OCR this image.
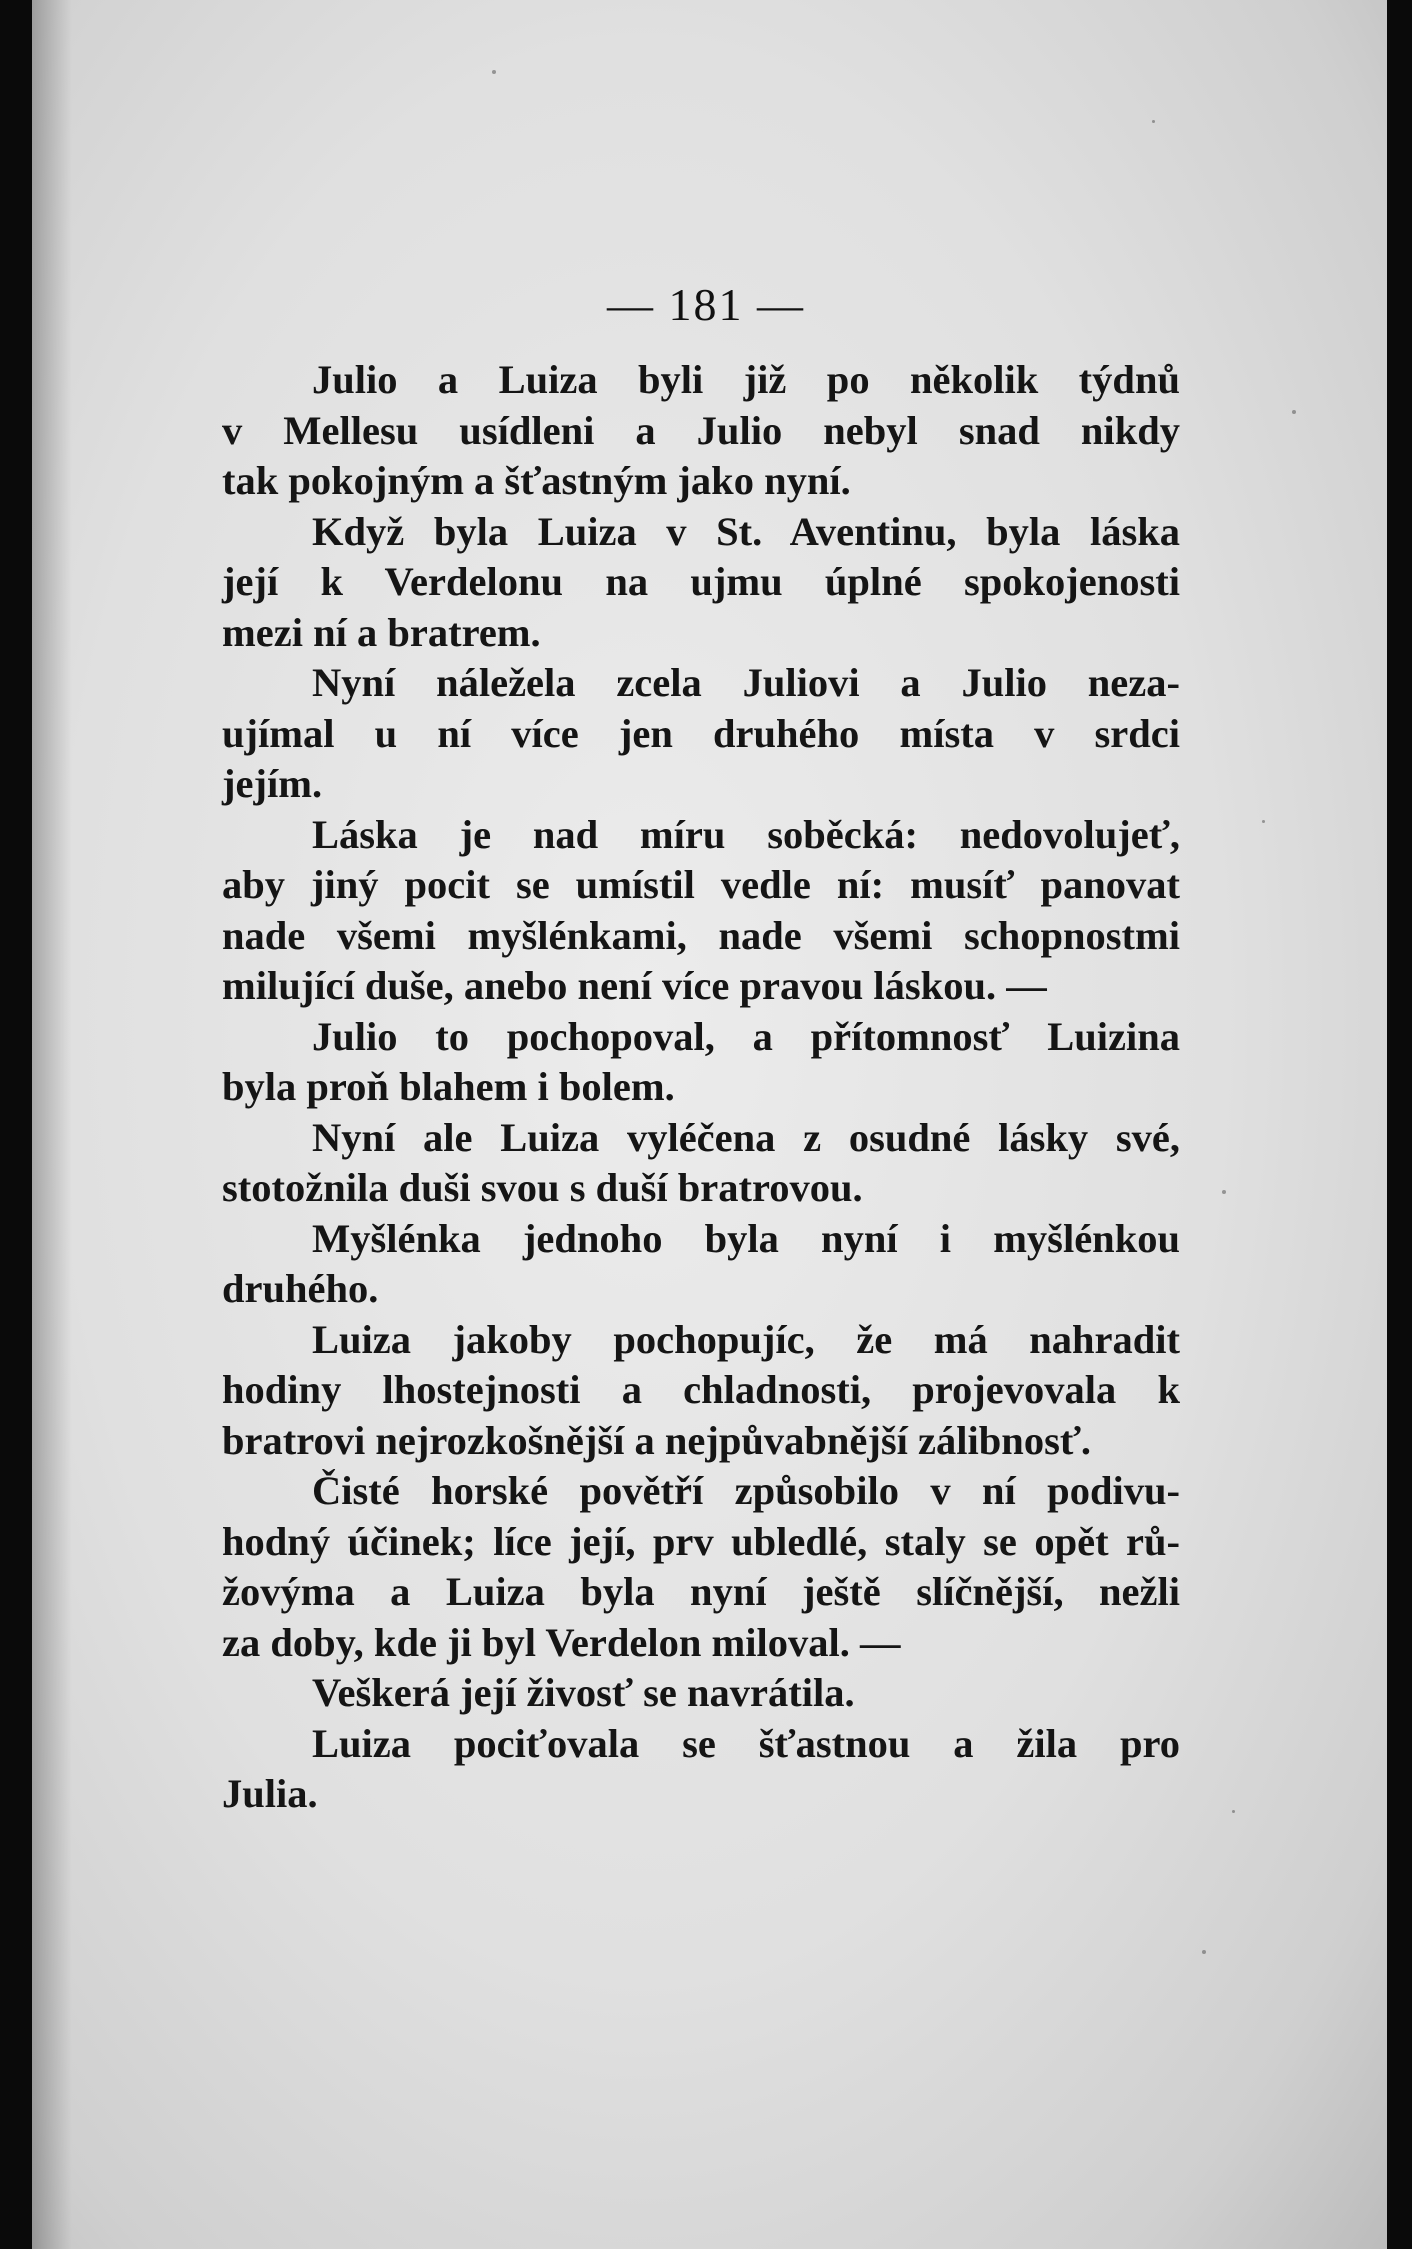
— 181 —
Julio a Luiza byli již po několik týdnů
v Mellesu usídleni a Julio nebyl snad nikdy
tak pokojným a šťastným jako nyní.
Když byla Luiza v St. Aventinu, byla láska
její k Verdelonu na ujmu úplné spokojenosti
mezi ní a bratrem.
Nyní náležela zcela Juliovi a Julio neza-
ujímal u ní více jen druhého místa v srdci
jejím.
Láska je nad míru soběcká: nedovolujeť,
aby jiný pocit se umístil vedle ní: musíť panovat
nade všemi myšlénkami, nade všemi schopnostmi
milující duše, anebo není více pravou láskou. —
Julio to pochopoval, a přítomnosť Luizina
byla proň blahem i bolem.
Nyní ale Luiza vyléčena z osudné lásky své,
stotožnila duši svou s duší bratrovou.
Myšlénka jednoho byla nyní i myšlénkou
druhého.
Luiza jakoby pochopujíc, že má nahradit
hodiny lhostejnosti a chladnosti, projevovala k
bratrovi nejrozkošnější a nejpůvabnější zálibnosť.
Čisté horské povětří způsobilo v ní podivu-
hodný účinek; líce její, prv ubledlé, staly se opět rů-
žovýma a Luiza byla nyní ještě slíčnější, nežli
za doby, kde ji byl Verdelon miloval. —
Veškerá její živosť se navrátila.
Luiza pociťovala se šťastnou a žila pro
Julia.
